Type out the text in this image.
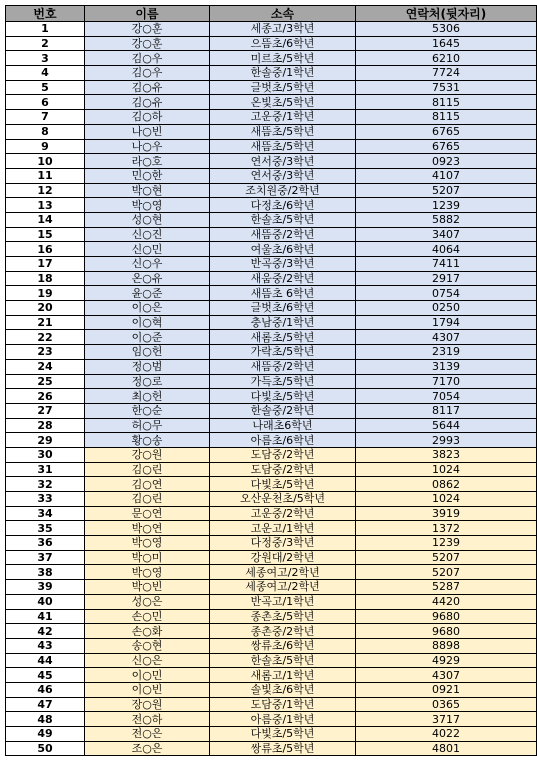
번호	이름	소속	연락처(뒷자리)
1	강○훈	세종고/3학년	5306
2	강○훈	으뜸초/6학년	1645
3	김○우	미르초/5학년	6210
4	김○우	한솔중/1학년	7724
5	김○유	글벗초/5학년	7531
6	김○유	온빛초/5학년	8115
7	김○하	고운중/1학년	8115
8	나○빈	새뜸초/5학년	6765
9	나○우	새뜸초/5학년	6765
10	라○호	연서중/3학년	0923
11	민○한	연서중/3학년	4107
12	박○현	조치원중/2학년	5207
13	박○영	다정초/6학년	1239
14	성○현	한솔초/5학년	5882
15	신○진	새뜸중/2학년	3407
16	신○민	여울초/6학년	4064
17	신○우	반곡중/3학년	7411
18	온○유	새움중/2학년	2917
19	윤○준	새뜸초 6학년	0754
20	이○은	글벗초/6학년	0250
21	이○혁	충남중/1학년	1794
22	이○준	새롬초/5학년	4307
23	임○헌	가락초/5학년	2319
24	정○범	새뜸중/2학년	3139
25	정○로	가득초/5학년	7170
26	최○헌	다빛초/5학년	7054
27	한○순	한솔중/2학년	8117
28	허○무	나래초6학년	5644
29	황○송	아름초/6학년	2993
30	강○원	도담중/2학년	3823
31	김○린	도담중/2학년	1024
32	김○연	다빛초/5학년	0862
33	김○린	오산운천초/5학년	1024
34	문○연	고운중/2학년	3919
35	박○연	고운고/1학년	1372
36	박○영	다정중/3학년	1239
37	박○미	강원대/2학년	5207
38	박○영	세종여고/2학년	5207
39	박○빈	세종여고/2학년	5287
40	성○은	반곡고/1학년	4420
41	손○민	종촌초/5학년	9680
42	손○화	종촌중/2학년	9680
43	송○현	쌍류초/6학년	8898
44	신○은	한솔초/5학년	4929
45	이○민	새롬고/1학년	4307
46	이○빈	솔빛초/6학년	0921
47	장○원	도담중/1학년	0365
48	전○하	아름중/1학년	3717
49	전○은	다빛초/5학년	4022
50	조○은	쌍류초/5학년	4801
